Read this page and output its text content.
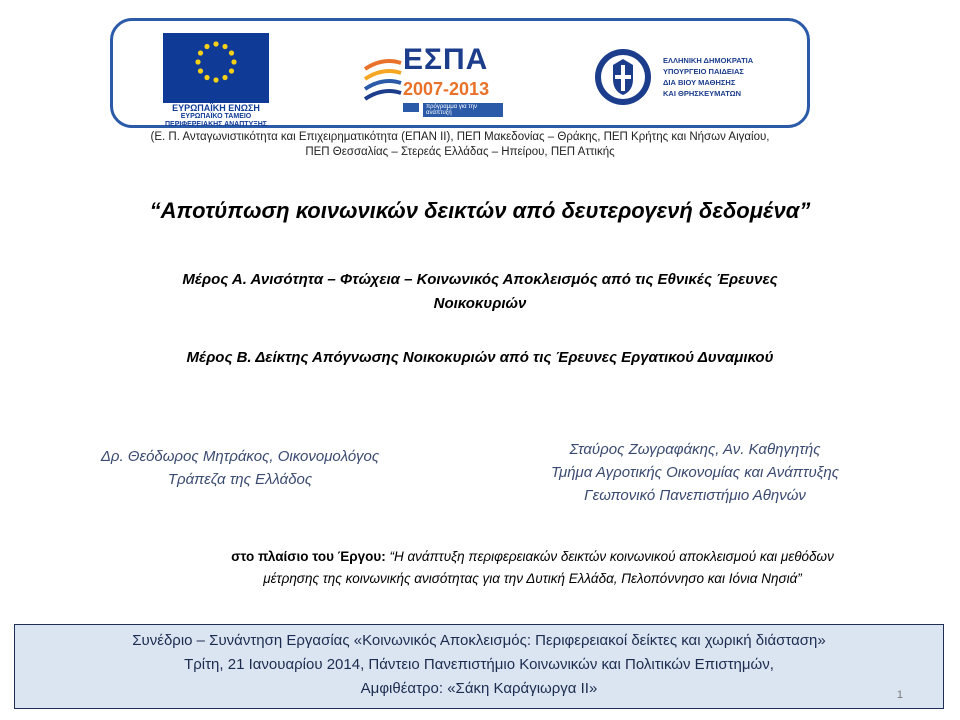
ΕΥΡΩΠΑΪΚΗ ΕΝΩΣΗ
ΕΥΡΩΠΑΪΚΟ ΤΑΜΕΙΟ
ΠΕΡΙΦΕΡΕΙΑΚΗΣ ΑΝΑΠΤΥΞΗΣ
ΕΣΠΑ
2007-2013
πρόγραμμα για την ανάπτυξη
ΕΛΛΗΝΙΚΗ ΔΗΜΟΚΡΑΤΙΑ
ΥΠΟΥΡΓΕΙΟ ΠΑΙΔΕΙΑΣ
ΔΙΑ ΒΙΟΥ ΜΑΘΗΣΗΣ
ΚΑΙ ΘΡΗΣΚΕΥΜΑΤΩΝ
(Ε. Π. Ανταγωνιστικότητα και Επιχειρηματικότητα (ΕΠΑΝ ΙΙ), ΠΕΠ Μακεδονίας – Θράκης, ΠΕΠ Κρήτης και Νήσων Αιγαίου,
ΠΕΠ Θεσσαλίας – Στερεάς Ελλάδας – Ηπείρου, ΠΕΠ Αττικής
“Αποτύπωση κοινωνικών δεικτών από δευτερογενή δεδομένα”
Μέρος Α. Ανισότητα – Φτώχεια – Κοινωνικός Αποκλεισμός από τις Εθνικές Έρευνες
Νοικοκυριών
Μέρος Β. Δείκτης Απόγνωσης Νοικοκυριών από τις Έρευνες Εργατικού Δυναμικού
Δρ. Θεόδωρος Μητράκος, Οικονομολόγος
Τράπεζα της Ελλάδος
Σταύρος Ζωγραφάκης, Αν. Καθηγητής
Τμήμα Αγροτικής Οικονομίας και Ανάπτυξης
Γεωπονικό Πανεπιστήμιο Αθηνών
στο πλαίσιο του Έργου: “Η ανάπτυξη περιφερειακών δεικτών κοινωνικού αποκλεισμού και μεθόδων
μέτρησης της κοινωνικής ανισότητας για την Δυτική Ελλάδα, Πελοπόννησο και Ιόνια Νησιά”
Συνέδριο – Συνάντηση Εργασίας «Κοινωνικός Αποκλεισμός: Περιφερειακοί δείκτες και χωρική διάσταση»
Τρίτη, 21 Ιανουαρίου 2014, Πάντειο Πανεπιστήμιο Κοινωνικών και Πολιτικών Επιστημών,
Αμφιθέατρο: «Σάκη Καράγιωργα ΙΙ»	1
